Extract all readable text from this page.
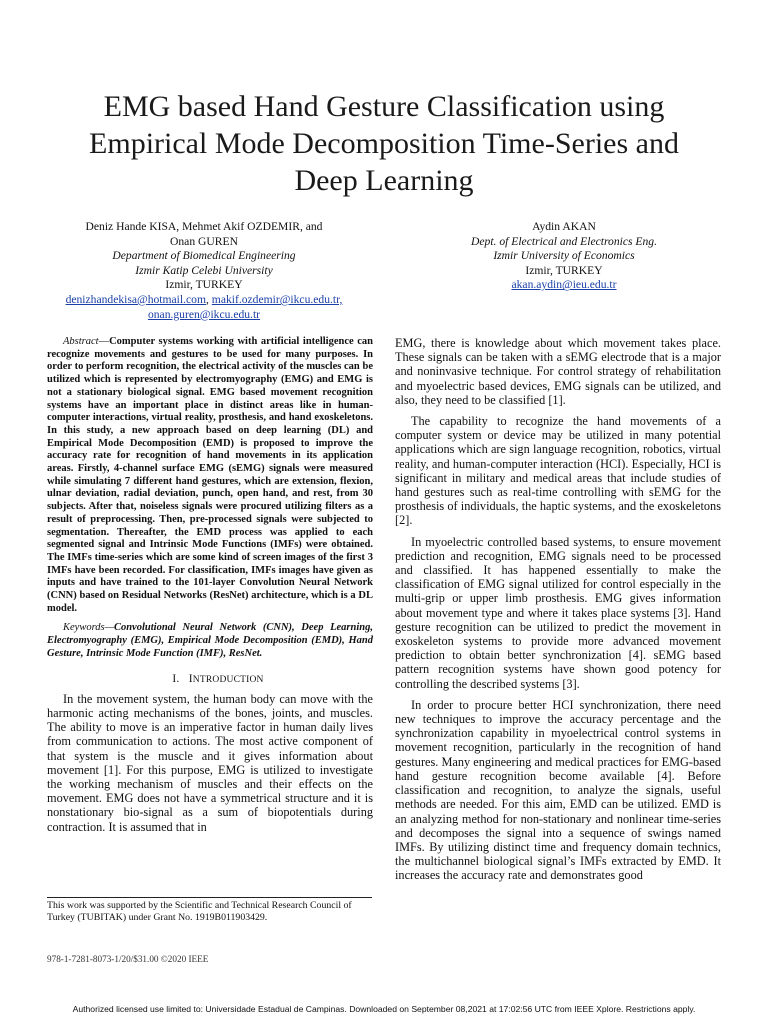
EMG based Hand Gesture Classification using
Empirical Mode Decomposition Time-Series and
Deep Learning
Deniz Hande KISA, Mehmet Akif OZDEMIR, and
Onan GUREN
Department of Biomedical Engineering
Izmir Katip Celebi University
Izmir, TURKEY
denizhandekisa@hotmail.com, makif.ozdemir@ikcu.edu.tr,
onan.guren@ikcu.edu.tr
Aydin AKAN
Dept. of Electrical and Electronics Eng.
Izmir University of Economics
Izmir, TURKEY
akan.aydin@ieu.edu.tr

Abstract—Computer systems working with artificial intelligence can recognize movements and gestures to be used for many purposes. In order to perform recognition, the electrical activity of the muscles can be utilized which is represented by electromyography (EMG) and EMG is not a stationary biological signal. EMG based movement recognition systems have an important place in distinct areas like in human-computer interactions, virtual reality, prosthesis, and hand exoskeletons. In this study, a new approach based on deep learning (DL) and Empirical Mode Decomposition (EMD) is proposed to improve the accuracy rate for recognition of hand movements in its application areas. Firstly, 4-channel surface EMG (sEMG) signals were measured while simulating 7 different hand gestures, which are extension, flexion, ulnar deviation, radial deviation, punch, open hand, and rest, from 30 subjects. After that, noiseless signals were procured utilizing filters as a result of preprocessing. Then, pre-processed signals were subjected to segmentation. Thereafter, the EMD process was applied to each segmented signal and Intrinsic Mode Functions (IMFs) were obtained. The IMFs time-series which are some kind of screen images of the first 3 IMFs have been recorded. For classification, IMFs images have given as inputs and have trained to the 101-layer Convolution Neural Network (CNN) based on Residual Networks (ResNet) architecture, which is a DL model.

Keywords—Convolutional Neural Network (CNN), Deep Learning, Electromyography (EMG), Empirical Mode Decomposition (EMD), Hand Gesture, Intrinsic Mode Function (IMF), ResNet.

I. INTRODUCTION

In the movement system, the human body can move with the harmonic acting mechanisms of the bones, joints, and muscles. The ability to move is an imperative factor in human daily lives from communication to actions. The most active component of that system is the muscle and it gives information about movement [1]. For this purpose, EMG is utilized to investigate the working mechanism of muscles and their effects on the movement. EMG does not have a symmetrical structure and it is nonstationary bio-signal as a sum of biopotentials during contraction. It is assumed that in

EMG, there is knowledge about which movement takes place. These signals can be taken with a sEMG electrode that is a major and noninvasive technique. For control strategy of rehabilitation and myoelectric based devices, EMG signals can be utilized, and also, they need to be classified [1].

The capability to recognize the hand movements of a computer system or device may be utilized in many potential applications which are sign language recognition, robotics, virtual reality, and human-computer interaction (HCI). Especially, HCI is significant in military and medical areas that include studies of hand gestures such as real-time controlling with sEMG for the prosthesis of individuals, the haptic systems, and the exoskeletons [2].

In myoelectric controlled based systems, to ensure movement prediction and recognition, EMG signals need to be processed and classified. It has happened essentially to make the classification of EMG signal utilized for control especially in the multi-grip or upper limb prosthesis. EMG gives information about movement type and where it takes place systems [3]. Hand gesture recognition can be utilized to predict the movement in exoskeleton systems to provide more advanced movement prediction to obtain better synchronization [4]. sEMG based pattern recognition systems have shown good potency for controlling the described systems [3].

In order to procure better HCI synchronization, there need new techniques to improve the accuracy percentage and the synchronization capability in myoelectrical control systems in movement recognition, particularly in the recognition of hand gestures. Many engineering and medical practices for EMG-based hand gesture recognition become available [4]. Before classification and recognition, to analyze the signals, useful methods are needed. For this aim, EMD can be utilized. EMD is an analyzing method for non-stationary and nonlinear time-series and decomposes the signal into a sequence of swings named IMFs. By utilizing distinct time and frequency domain technics, the multichannel biological signal’s IMFs extracted by EMD. It increases the accuracy rate and demonstrates good

This work was supported by the Scientific and Technical Research Council of Turkey (TUBITAK) under Grant No. 1919B011903429.
978-1-7281-8073-1/20/$31.00 ©2020 IEEE
Authorized licensed use limited to: Universidade Estadual de Campinas. Downloaded on September 08,2021 at 17:02:56 UTC from IEEE Xplore. Restrictions apply.
